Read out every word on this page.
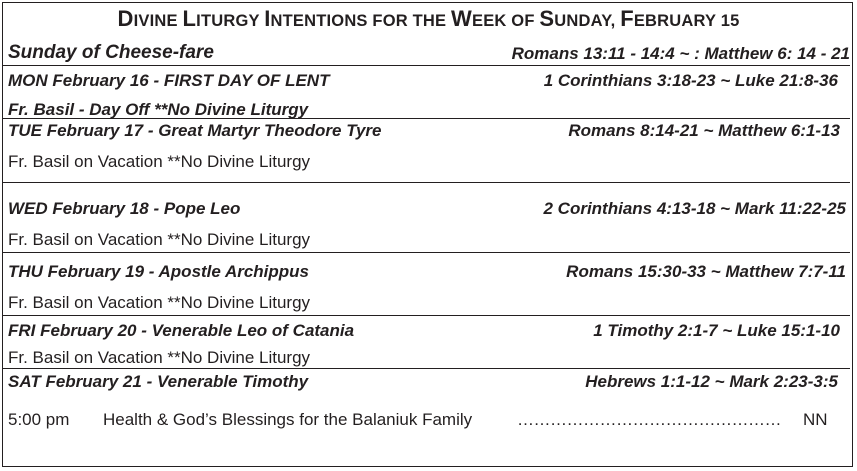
DIVINE LITURGY INTENTIONS FOR THE WEEK OF SUNDAY, FEBRUARY 15
Sunday of Cheese-fare	Romans 13:11 - 14:4 ~ : Matthew 6: 14 - 21
MON February 16 - FIRST DAY OF LENT	1 Corinthians 3:18-23 ~ Luke 21:8-36
Fr. Basil - Day Off **No Divine Liturgy
TUE February 17 - Great Martyr Theodore Tyre	Romans 8:14-21 ~ Matthew 6:1-13
Fr. Basil on Vacation **No Divine Liturgy
WED February 18 - Pope Leo	2 Corinthians 4:13-18 ~ Mark 11:22-25
Fr. Basil on Vacation **No Divine Liturgy
THU February 19 - Apostle Archippus	Romans 15:30-33 ~ Matthew 7:7-11
Fr. Basil on Vacation **No Divine Liturgy
FRI February 20 - Venerable Leo of Catania	1 Timothy 2:1-7 ~ Luke 15:1-10
Fr. Basil on Vacation **No Divine Liturgy
SAT February 21 - Venerable Timothy	Hebrews 1:1-12 ~ Mark 2:23-3:5
5:00 pm Health & God’s Blessings for the Balaniuk Family	…………………………………………	NN
